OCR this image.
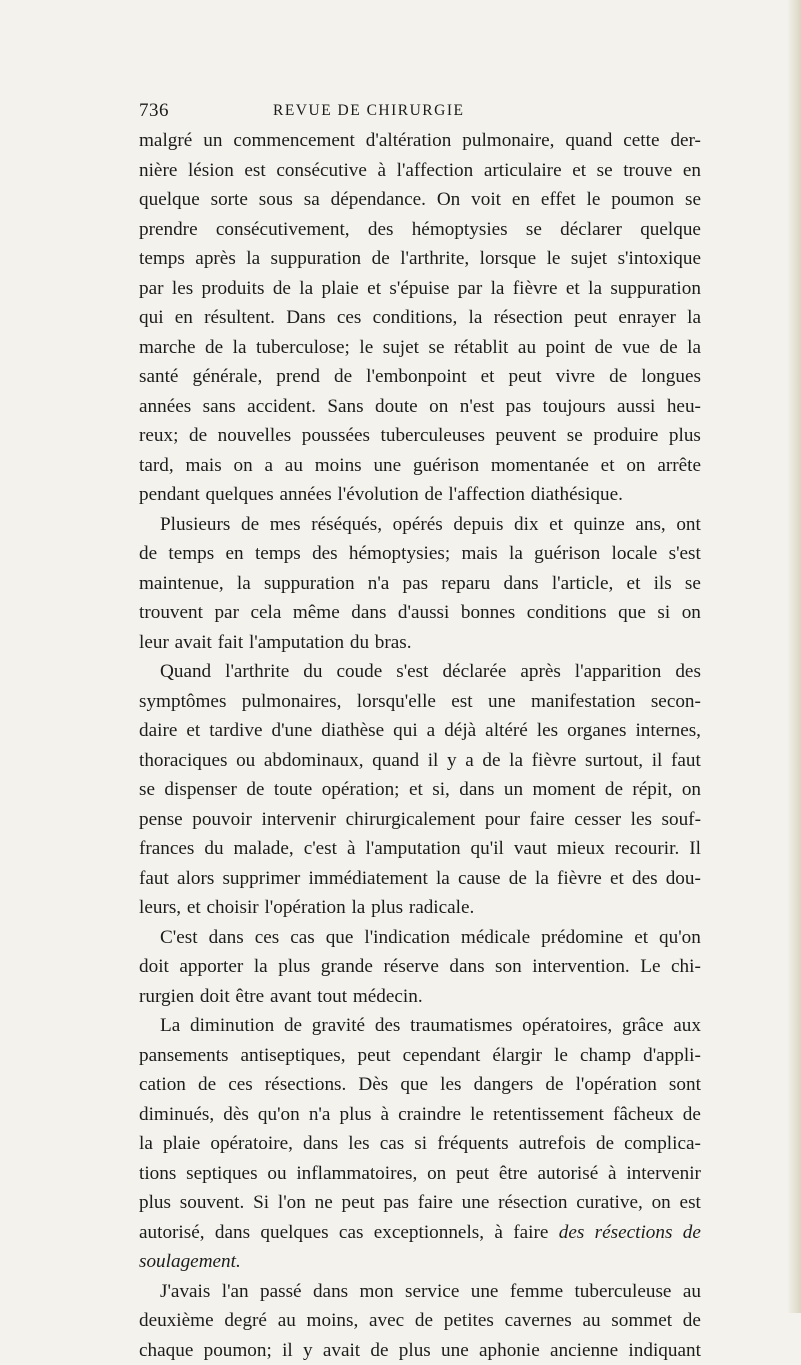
736	REVUE DE CHIRURGIE
malgré un commencement d'altération pulmonaire, quand cette der-
nière lésion est consécutive à l'affection articulaire et se trouve en
quelque sorte sous sa dépendance. On voit en effet le poumon se
prendre consécutivement, des hémoptysies se déclarer quelque
temps après la suppuration de l'arthrite, lorsque le sujet s'intoxique
par les produits de la plaie et s'épuise par la fièvre et la suppuration
qui en résultent. Dans ces conditions, la résection peut enrayer la
marche de la tuberculose; le sujet se rétablit au point de vue de la
santé générale, prend de l'embonpoint et peut vivre de longues
années sans accident. Sans doute on n'est pas toujours aussi heu-
reux; de nouvelles poussées tuberculeuses peuvent se produire plus
tard, mais on a au moins une guérison momentanée et on arrête
pendant quelques années l'évolution de l'affection diathésique.
Plusieurs de mes réséqués, opérés depuis dix et quinze ans, ont
de temps en temps des hémoptysies; mais la guérison locale s'est
maintenue, la suppuration n'a pas reparu dans l'article, et ils se
trouvent par cela même dans d'aussi bonnes conditions que si on
leur avait fait l'amputation du bras.
Quand l'arthrite du coude s'est déclarée après l'apparition des
symptômes pulmonaires, lorsqu'elle est une manifestation secon-
daire et tardive d'une diathèse qui a déjà altéré les organes internes,
thoraciques ou abdominaux, quand il y a de la fièvre surtout, il faut
se dispenser de toute opération; et si, dans un moment de répit, on
pense pouvoir intervenir chirurgicalement pour faire cesser les souf-
frances du malade, c'est à l'amputation qu'il vaut mieux recourir. Il
faut alors supprimer immédiatement la cause de la fièvre et des dou-
leurs, et choisir l'opération la plus radicale.
C'est dans ces cas que l'indication médicale prédomine et qu'on
doit apporter la plus grande réserve dans son intervention. Le chi-
rurgien doit être avant tout médecin.
La diminution de gravité des traumatismes opératoires, grâce aux
pansements antiseptiques, peut cependant élargir le champ d'appli-
cation de ces résections. Dès que les dangers de l'opération sont
diminués, dès qu'on n'a plus à craindre le retentissement fâcheux de
la plaie opératoire, dans les cas si fréquents autrefois de complica-
tions septiques ou inflammatoires, on peut être autorisé à intervenir
plus souvent. Si l'on ne peut pas faire une résection curative, on est
autorisé, dans quelques cas exceptionnels, à faire des résections de
soulagement.
J'avais l'an passé dans mon service une femme tuberculeuse au
deuxième degré au moins, avec de petites cavernes au sommet de
chaque poumon; il y avait de plus une aphonie ancienne indiquant
